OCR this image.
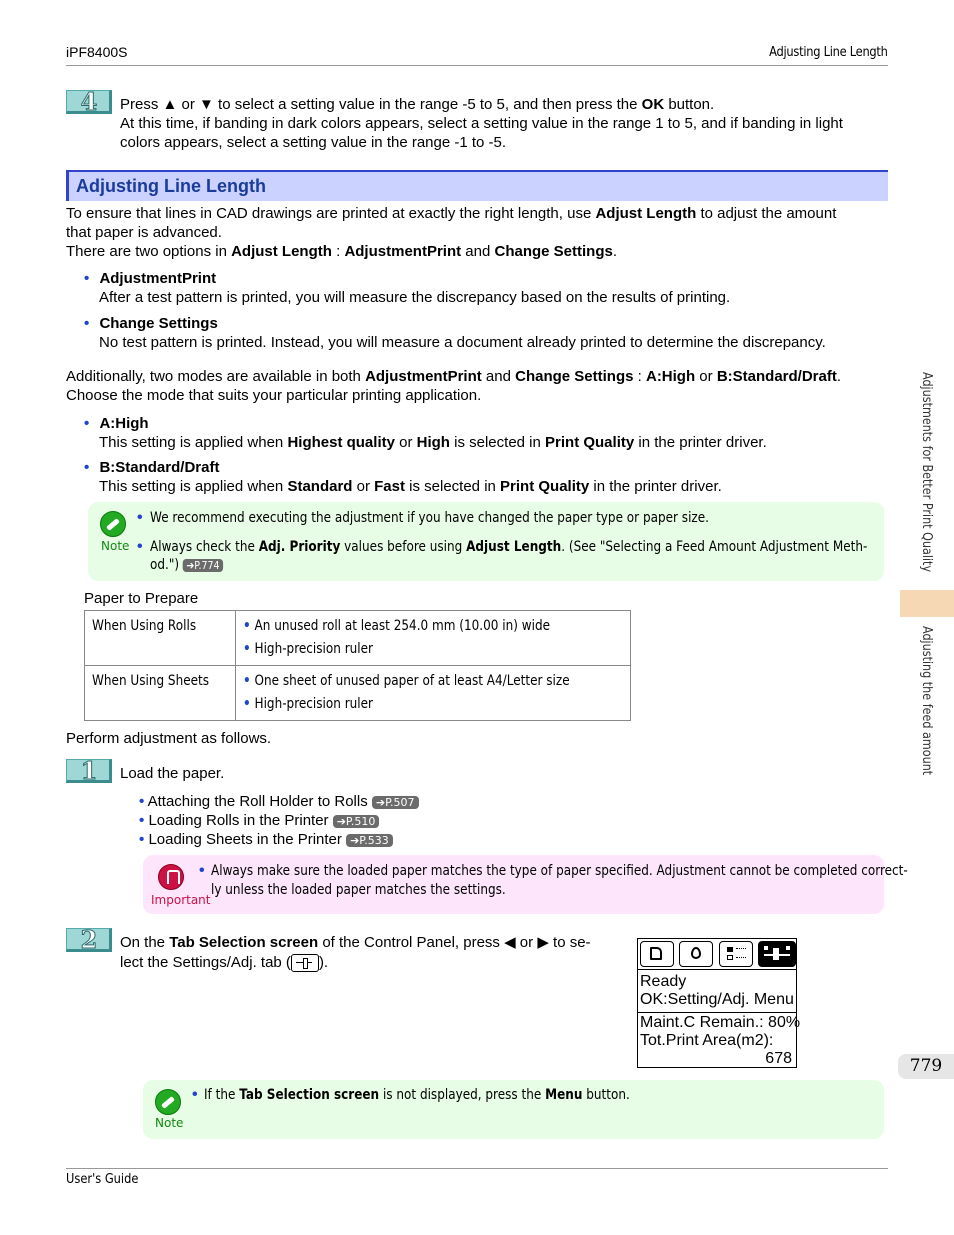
iPF8400S	Adjusting Line Length
4	Press ▲ or ▼ to select a setting value in the range -5 to 5, and then press the OK button.
At this time, if banding in dark colors appears, select a setting value in the range 1 to 5, and if banding in light
colors appears, select a setting value in the range -1 to -5.
Adjusting Line Length
To ensure that lines in CAD drawings are printed at exactly the right length, use Adjust Length to adjust the amount
that paper is advanced.
There are two options in Adjust Length : AdjustmentPrint and Change Settings.
• AdjustmentPrint
After a test pattern is printed, you will measure the discrepancy based on the results of printing.
• Change Settings
No test pattern is printed. Instead, you will measure a document already printed to determine the discrepancy.
Additionally, two modes are available in both AdjustmentPrint and Change Settings : A:High or B:Standard/Draft.
Choose the mode that suits your particular printing application.
• A:High
This setting is applied when Highest quality or High is selected in Print Quality in the printer driver.
• B:Standard/Draft
This setting is applied when Standard or Fast is selected in Print Quality in the printer driver.
Note
• We recommend executing the adjustment if you have changed the paper type or paper size.
• Always check the Adj. Priority values before using Adjust Length. (See "Selecting a Feed Amount Adjustment Meth-
od.") ➔P.774
Paper to Prepare
When Using Rolls	• An unused roll at least 254.0 mm (10.00 in) wide
• High-precision ruler

When Using Sheets	• One sheet of unused paper of at least A4/Letter size
• High-precision ruler
Perform adjustment as follows.
1	Load the paper.
• Attaching the Roll Holder to Rolls ➔P.507
• Loading Rolls in the Printer ➔P.510
• Loading Sheets in the Printer ➔P.533
Important
• Always make sure the loaded paper matches the type of paper specified. Adjustment cannot be completed correct-
ly unless the loaded paper matches the settings.
2	On the Tab Selection screen of the Control Panel, press ◀ or ▶ to se-
lect the Settings/Adj. tab ( ).
Ready
OK:Setting/Adj. Menu
Maint.C Remain.: 80%
Tot.Print Area(m2):
678
Note
• If the Tab Selection screen is not displayed, press the Menu button.
Adjustments for Better Print Quality
Adjusting the feed amount
779
User's Guide
